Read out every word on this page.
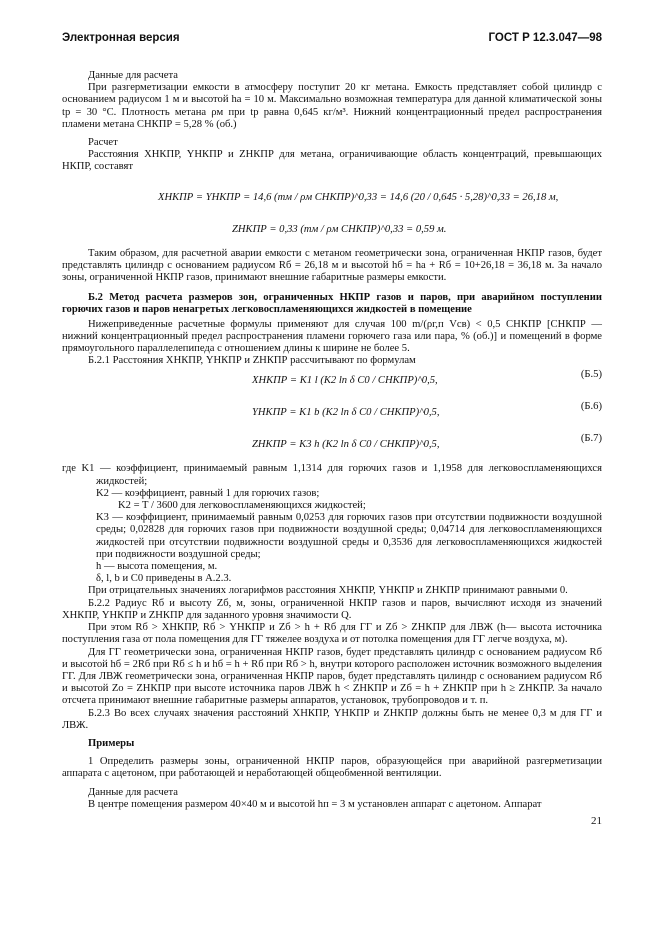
Электронная версия	ГОСТ Р 12.3.047—98

Данные для расчета

При разгерметизации емкости в атмосферу поступит 20 кг метана. Емкость представляет собой цилиндр с основанием радиусом 1 м и высотой hа = 10 м. Максимально возможная температура для данной климатической зоны tр = 30 °С. Плотность метана ρм при tр равна 0,645 кг/м³. Нижний концентрационный предел распространения пламени метана CНКПР = 5,28 % (об.)

Расчет

Расстояния XНКПР, YНКПР и ZНКПР для метана, ограничивающие область концентраций, превышающих НКПР, составят

XНКПР = YНКПР = 14,6 (mм / ρм CНКПР)^0,33 = 14,6 (20 / 0,645 · 5,28)^0,33 = 26,18 м,
ZНКПР = 0,33 (mм / ρм CНКПР)^0,33 = 0,59 м.

Таким образом, для расчетной аварии емкости с метаном геометрически зона, ограниченная НКПР газов, будет представлять цилиндр с основанием радиусом Rб = 26,18 м и высотой hб = hа + Rб = 10+26,18 = 36,18 м. За начало зоны, ограниченной НКПР газов, принимают внешние габаритные размеры емкости.

Б.2 Метод расчета размеров зон, ограниченных НКПР газов и паров, при аварийном поступлении горючих газов и паров ненагретых легковоспламеняющихся жидкостей в помещение

Нижеприведенные расчетные формулы применяют для случая 100 m/(ρг,п Vсв) < 0,5 CНКПР [CНКПР — нижний концентрационный предел распространения пламени горючего газа или пара, % (об.)] и помещений в форме прямоугольного параллелепипеда с отношением длины к ширине не более 5.

Б.2.1 Расстояния XНКПР, YНКПР и ZНКПР рассчитывают по формулам

XНКПР = K1 l (K2 ln δ C0 / CНКПР)^0,5,
(Б.5)
YНКПР = K1 b (K2 ln δ C0 / CНКПР)^0,5,
(Б.6)
ZНКПР = K3 h (K2 ln δ C0 / CНКПР)^0,5,
(Б.7)

где K1 — коэффициент, принимаемый равным 1,1314 для горючих газов и 1,1958 для легковоспламеняющихся жидкостей;

K2 — коэффициент, равный 1 для горючих газов;

K2 = T / 3600 для легковоспламеняющихся жидкостей;

K3 — коэффициент, принимаемый равным 0,0253 для горючих газов при отсутствии подвижности воздушной среды; 0,02828 для горючих газов при подвижности воздушной среды; 0,04714 для легковоспламеняющихся жидкостей при отсутствии подвижности воздушной среды и 0,3536 для легковоспламеняющихся жидкостей при подвижности воздушной среды;

h — высота помещения, м.

δ, l, b и C0 приведены в А.2.3.

При отрицательных значениях логарифмов расстояния XНКПР, YНКПР и ZНКПР принимают равными 0.

Б.2.2 Радиус Rб и высоту Zб, м, зоны, ограниченной НКПР газов и паров, вычисляют исходя из значений XНКПР, YНКПР и ZНКПР для заданного уровня значимости Q.

При этом Rб > XНКПР, Rб > YНКПР и Zб > h + Rб для ГГ и Zб > ZНКПР для ЛВЖ (h— высота источника поступления газа от пола помещения для ГГ тяжелее воздуха и от потолка помещения для ГГ легче воздуха, м).

Для ГГ геометрически зона, ограниченная НКПР газов, будет представлять цилиндр с основанием радиусом Rб и высотой hб = 2Rб при Rб ≤ h и hб = h + Rб при Rб > h, внутри которого расположен источник возможного выделения ГГ. Для ЛВЖ геометрически зона, ограниченная НКПР паров, будет представлять цилиндр с основанием радиусом Rб и высотой Zо = ZНКПР при высоте источника паров ЛВЖ h < ZНКПР и Zб = h + ZНКПР при h ≥ ZНКПР. За начало отсчета принимают внешние габаритные размеры аппаратов, установок, трубопроводов и т. п.

Б.2.3 Во всех случаях значения расстояний XНКПР, YНКПР и ZНКПР должны быть не менее 0,3 м для ГГ и ЛВЖ.

Примеры

1 Определить размеры зоны, ограниченной НКПР паров, образующейся при аварийной разгерметизации аппарата с ацетоном, при работающей и неработающей общеобменной вентиляции.

Данные для расчета

В центре помещения размером 40×40 м и высотой hп = 3 м установлен аппарат с ацетоном. Аппарат

21
